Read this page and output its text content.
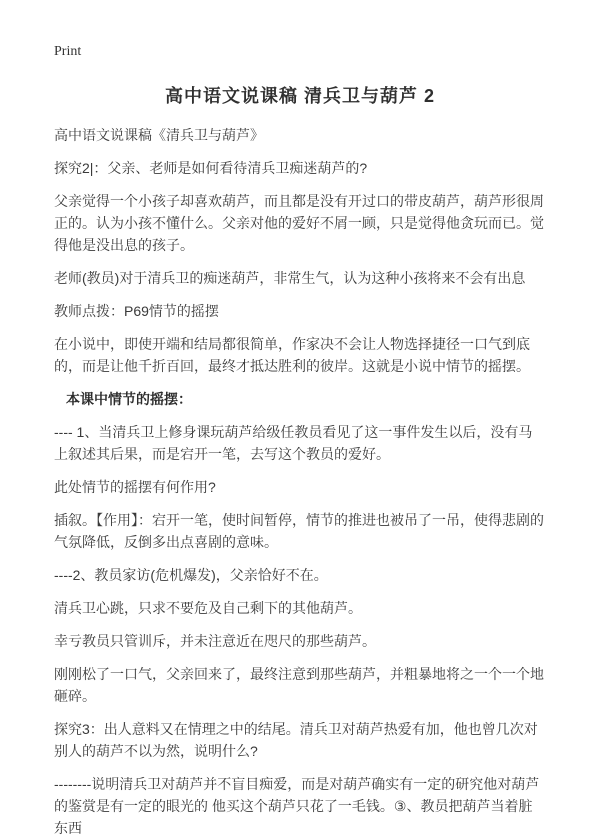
Print
高中语文说课稿 清兵卫与葫芦 2

高中语文说课稿《清兵卫与葫芦》

探究2|：父亲、老师是如何看待清兵卫痴迷葫芦的?

父亲觉得一个小孩子却喜欢葫芦，而且都是没有开过口的带皮葫芦，葫芦形很周正的。认为小孩不懂什么。父亲对他的爱好不屑一顾，只是觉得他贪玩而已。觉得他是没出息的孩子。

老师(教员)对于清兵卫的痴迷葫芦，非常生气，认为这种小孩将来不会有出息

教师点拨：P69情节的摇摆

在小说中，即使开端和结局都很简单，作家决不会让人物选择捷径一口气到底的，而是让他千折百回，最终才抵达胜利的彼岸。这就是小说中情节的摇摆。

本课中情节的摇摆：

---- 1、当清兵卫上修身课玩葫芦给级任教员看见了这一事件发生以后，没有马上叙述其后果，而是宕开一笔，去写这个教员的爱好。

此处情节的摇摆有何作用?

插叙。【作用】：宕开一笔，使时间暂停，情节的推进也被吊了一吊，使得悲剧的气氛降低，反倒多出点喜剧的意味。

----2、教员家访(危机爆发)，父亲恰好不在。

清兵卫心跳，只求不要危及自己剩下的其他葫芦。

幸亏教员只管训斥，并未注意近在咫尺的那些葫芦。

刚刚松了一口气，父亲回来了，最终注意到那些葫芦，并粗暴地将之一个一个地砸碎。

探究3：出人意料又在情理之中的结尾。清兵卫对葫芦热爱有加，他也曾几次对别人的葫芦不以为然，说明什么?

--------说明清兵卫对葫芦并不盲目痴爱，而是对葫芦确实有一定的研究他对葫芦的鉴赏是有一定的眼光的 他买这个葫芦只花了一毛钱。③、教员把葫芦当着脏东西
